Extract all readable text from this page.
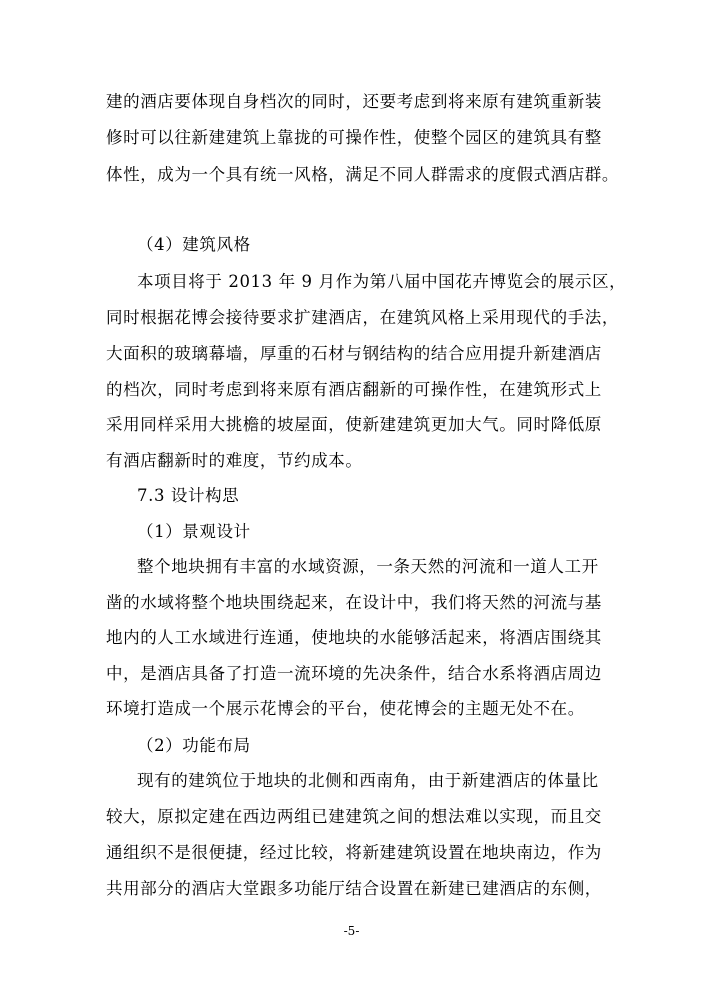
建的酒店要体现自身档次的同时，还要考虑到将来原有建筑重新装
修时可以往新建建筑上靠拢的可操作性，使整个园区的建筑具有整
体性，成为一个具有统一风格，满足不同人群需求的度假式酒店群。
（4）建筑风格
本项目将于 2013 年 9 月作为第八届中国花卉博览会的展示区，
同时根据花博会接待要求扩建酒店，在建筑风格上采用现代的手法，
大面积的玻璃幕墙，厚重的石材与钢结构的结合应用提升新建酒店
的档次，同时考虑到将来原有酒店翻新的可操作性，在建筑形式上
采用同样采用大挑檐的坡屋面，使新建建筑更加大气。同时降低原
有酒店翻新时的难度，节约成本。
7.3 设计构思
（1）景观设计
整个地块拥有丰富的水域资源，一条天然的河流和一道人工开
凿的水域将整个地块围绕起来，在设计中，我们将天然的河流与基
地内的人工水域进行连通，使地块的水能够活起来，将酒店围绕其
中，是酒店具备了打造一流环境的先决条件，结合水系将酒店周边
环境打造成一个展示花博会的平台，使花博会的主题无处不在。
（2）功能布局
现有的建筑位于地块的北侧和西南角，由于新建酒店的体量比
较大，原拟定建在西边两组已建建筑之间的想法难以实现，而且交
通组织不是很便捷，经过比较，将新建建筑设置在地块南边，作为
共用部分的酒店大堂跟多功能厅结合设置在新建已建酒店的东侧，
-5-
